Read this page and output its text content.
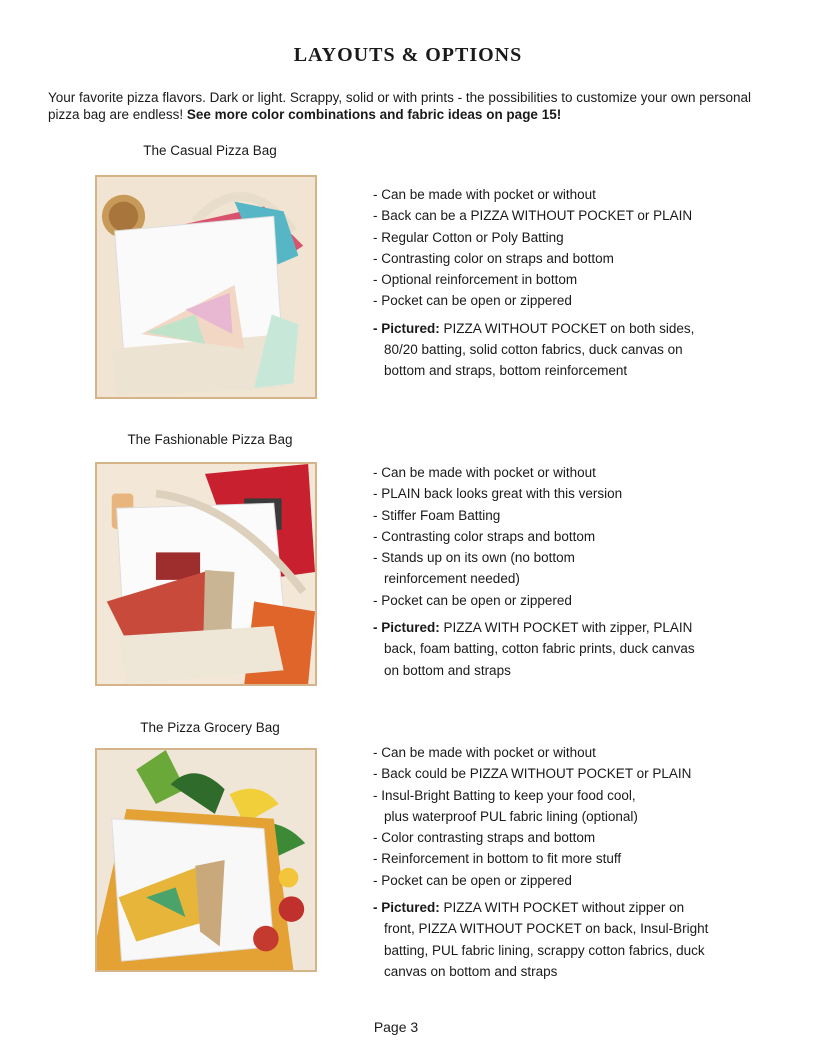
LAYOUTS & OPTIONS
Your favorite pizza flavors. Dark or light. Scrappy, solid or with prints - the possibilities to customize your own personal pizza bag are endless! See more color combinations and fabric ideas on page 15!
The Casual Pizza Bag
- Can be made with pocket or without
- Back can be a PIZZA WITHOUT POCKET or PLAIN
- Regular Cotton or Poly Batting
- Contrasting color on straps and bottom
- Optional reinforcement in bottom
- Pocket can be open or zippered
- Pictured: PIZZA WITHOUT POCKET on both sides,
80/20 batting, solid cotton fabrics, duck canvas on
bottom and straps, bottom reinforcement
The Fashionable Pizza Bag
- Can be made with pocket or without
- PLAIN back looks great with this version
- Stiffer Foam Batting
- Contrasting color straps and bottom
- Stands up on its own (no bottom
reinforcement needed)
- Pocket can be open or zippered
- Pictured: PIZZA WITH POCKET with zipper, PLAIN
back, foam batting, cotton fabric prints, duck canvas
on bottom and straps
The Pizza Grocery Bag
- Can be made with pocket or without
- Back could be PIZZA WITHOUT POCKET or PLAIN
- Insul-Bright Batting to keep your food cool,
plus waterproof PUL fabric lining (optional)
- Color contrasting straps and bottom
- Reinforcement in bottom to fit more stuff
- Pocket can be open or zippered
- Pictured: PIZZA WITH POCKET without zipper on
front, PIZZA WITHOUT POCKET on back, Insul-Bright
batting, PUL fabric lining, scrappy cotton fabrics, duck
canvas on bottom and straps
Page 3
